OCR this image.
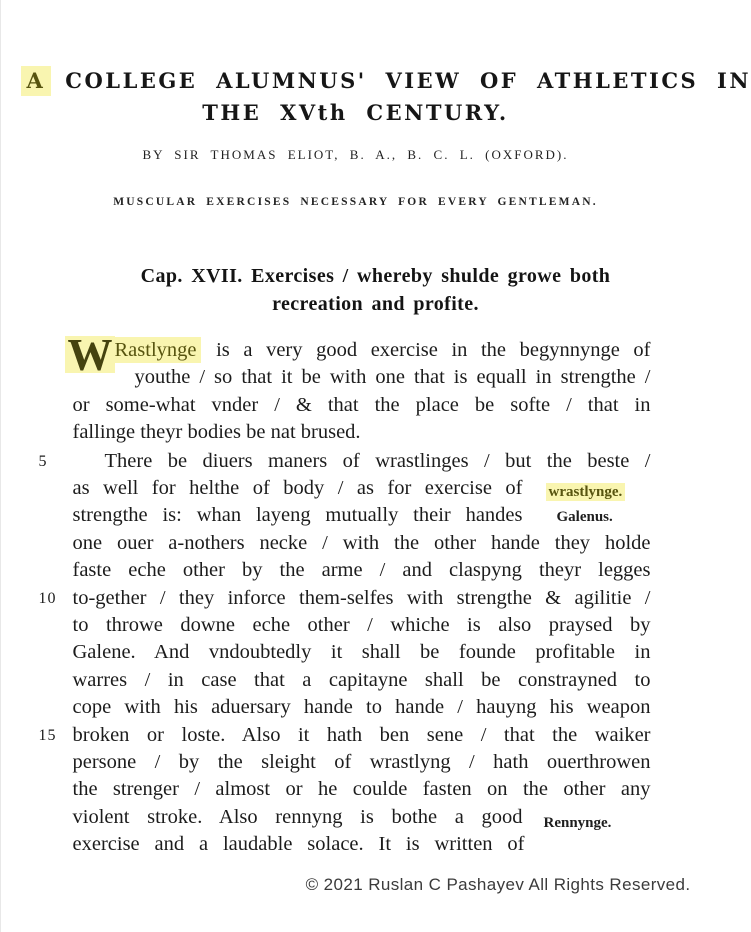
A COLLEGE ALUMNUS' VIEW OF ATHLETICS IN
THE XVth CENTURY.
BY SIR THOMAS ELIOT, B. A., B. C. L. (OXFORD).
MUSCULAR EXERCISES NECESSARY FOR EVERY GENTLEMAN.
Cap. XVII. Exercises / whereby shulde growe both
recreation and profite.
W Rastlynge is a very good exercise in the begynnynge of
youthe / so that it be with one that is equall in strengthe /
or some-what vnder / & that the place be softe / that in
fallinge theyr bodies be nat brused.
5	There be diuers maners of wrastlinges / but the beste /
as well for helthe of body / as for exercise of
strengthe is: whan layeng mutually their handes
one ouer a-nothers necke / with the other hande they holde
faste eche other by the arme / and claspyng theyr legges
10 to-gether / they inforce them-selfes with strengthe & agilitie /
to throwe downe eche other / whiche is also praysed by
Galene. And vndoubtedly it shall be founde profitable in
warres / in case that a capitayne shall be constrayned to
cope with his aduersary hande to hande / hauyng his weapon
15 broken or loste. Also it hath ben sene / that the waiker
persone / by the sleight of wrastlyng / hath ouerthrowen
the strenger / almost or he coulde fasten on the other any
violent stroke. Also rennyng is bothe a good
wrastlynge.
Galenus.
Rennynge.
exercise and a laudable solace. It is written of
© 2021 Ruslan C Pashayev All Rights Reserved.
